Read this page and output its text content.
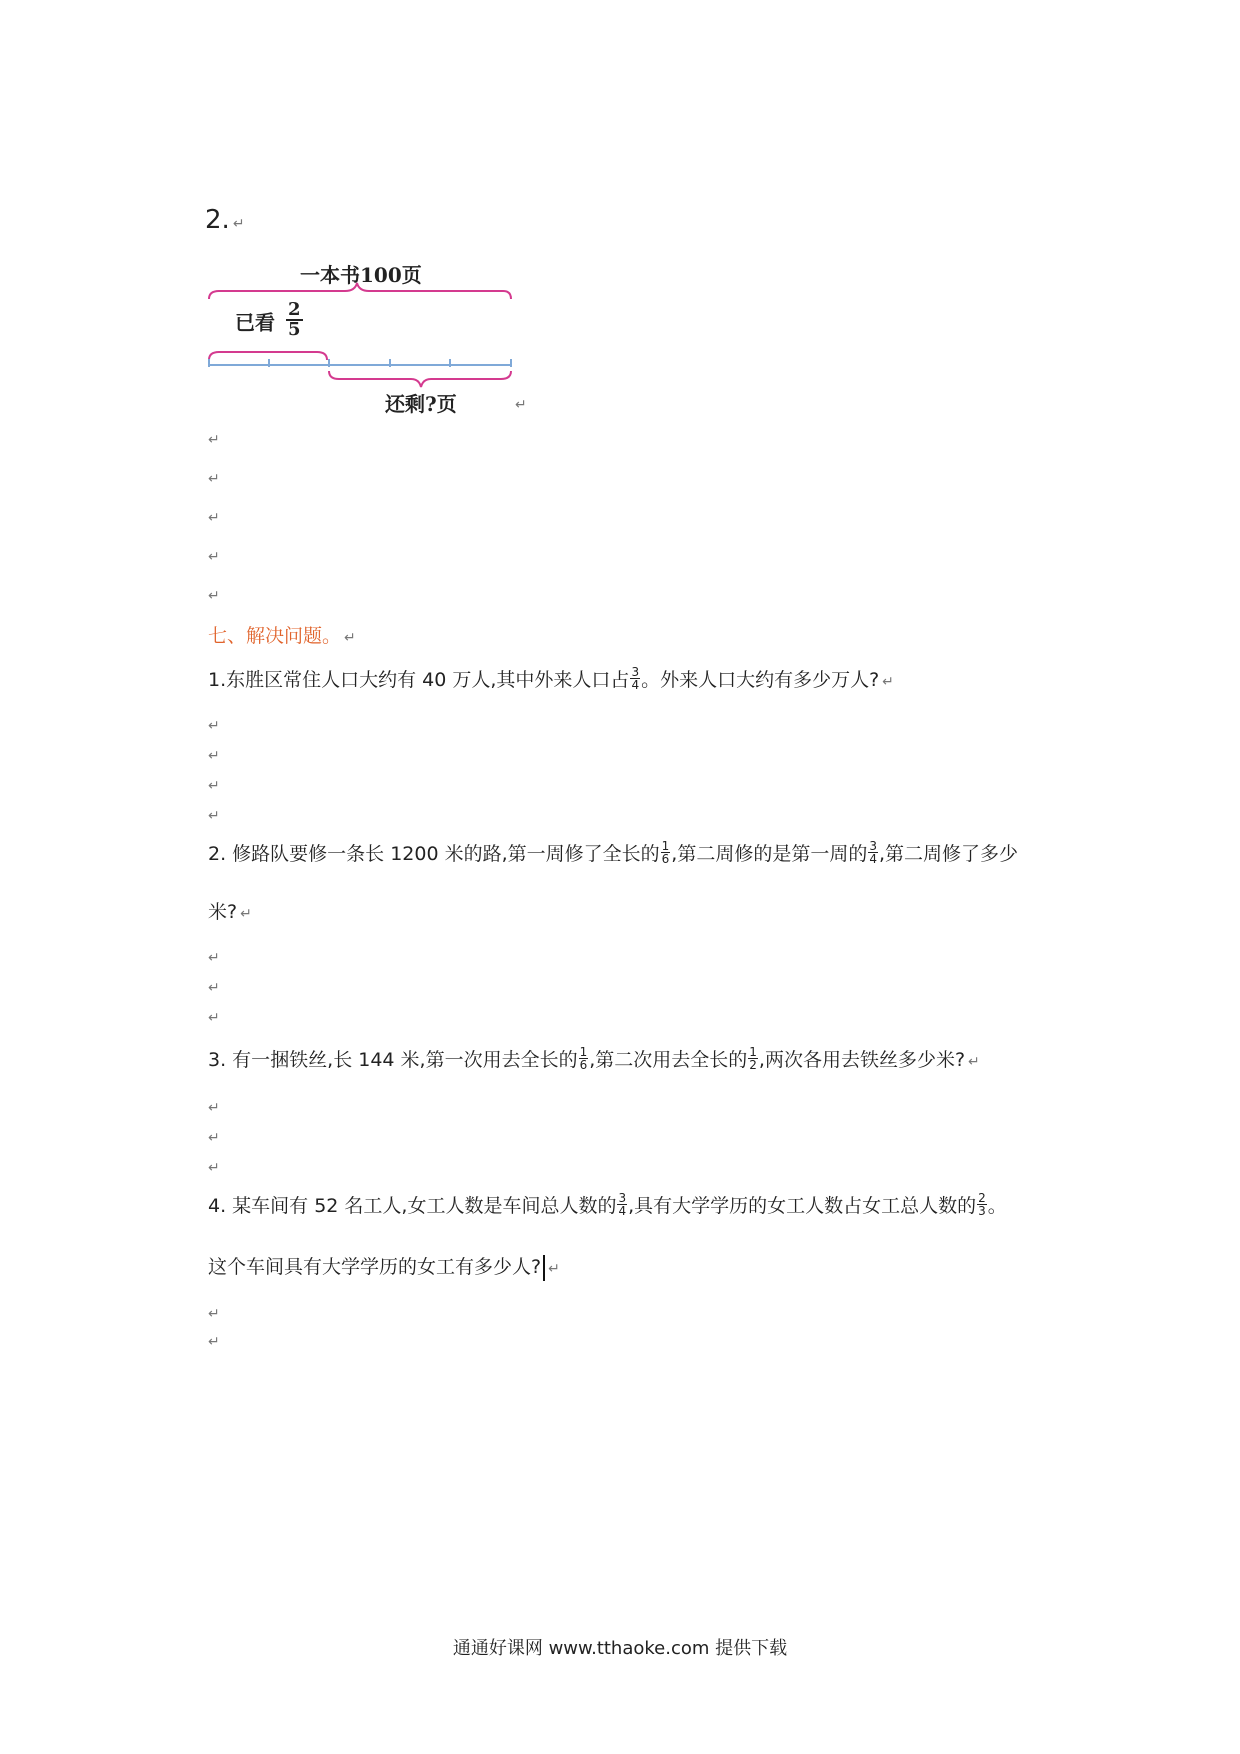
2. ↵
一本书100页
已看 $\frac{2}{5}$
还剩?页	↵
↵
↵
↵
↵
↵
七、解决问题。 ↵
1.东胜区常住人口大约有 40 万人,其中外来人口占 $\frac{3}{4}$ 。外来人口大约有多少万人? ↵
↵
↵
↵
↵
2. 修路队要修一条长 1200 米的路,第一周修了全长的 $\frac{1}{6}$ ,第二周修的是第一周的 $\frac{3}{4}$ ,第二周修了多少
米? ↵
↵
↵
↵
3. 有一捆铁丝,长 144 米,第一次用去全长的 $\frac{1}{6}$ ,第二次用去全长的 $\frac{1}{2}$ ,两次各用去铁丝多少米? ↵
↵
↵
↵
4. 某车间有 52 名工人,女工人数是车间总人数的 $\frac{3}{4}$ ,具有大学学历的女工人数占女工总人数的 $\frac{2}{3}$ 。
这个车间具有大学学历的女工有多少人? ↵
↵
↵
通通好课网 www.tthaoke.com 提供下载
